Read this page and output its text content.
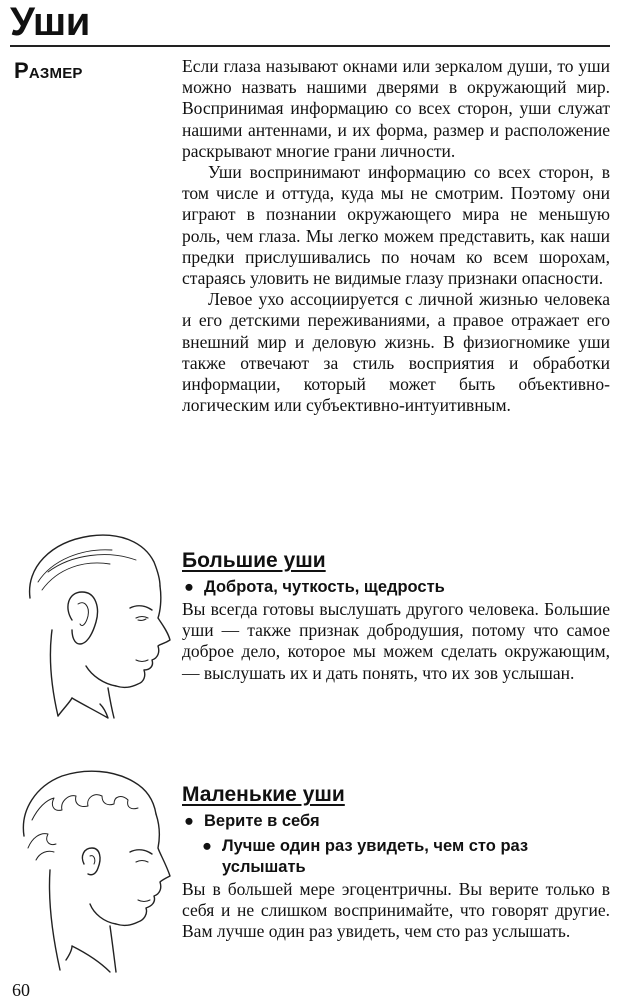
Уши
Размер	Если глаза называют окнами или зеркалом души, то уши можно назвать нашими дверями в окружающий мир. Воспринимая информацию со всех сторон, уши служат нашими антеннами, и их форма, размер и расположение раскрывают многие грани личности.

Уши воспринимают информацию со всех сторон, в том числе и оттуда, куда мы не смотрим. Поэтому они играют в познании окружающего мира не меньшую роль, чем глаза. Мы легко можем представить, как наши предки прислушивались по ночам ко всем шорохам, стараясь уловить не видимые глазу признаки опасности.

Левое ухо ассоциируется с личной жизнью человека и его детскими переживаниями, а правое отражает его внешний мир и деловую жизнь. В физиогномике уши также отвечают за стиль восприятия и обработки информации, который может быть объективно-логическим или субъективно-интуитивным.

Большие уши
● Доброта, чуткость, щедрость
Вы всегда готовы выслушать другого человека. Большие уши — также признак добродушия, потому что самое доброе дело, которое мы можем сделать окружающим, — выслушать их и дать понять, что их зов услышан.
Маленькие уши
● Верите в себя
● Лучше один раз увидеть, чем сто раз услышать
Вы в большей мере эгоцентричны. Вы верите только в себя и не слишком воспринимайте, что говорят другие. Вам лучше один раз увидеть, чем сто раз услышать.
60
